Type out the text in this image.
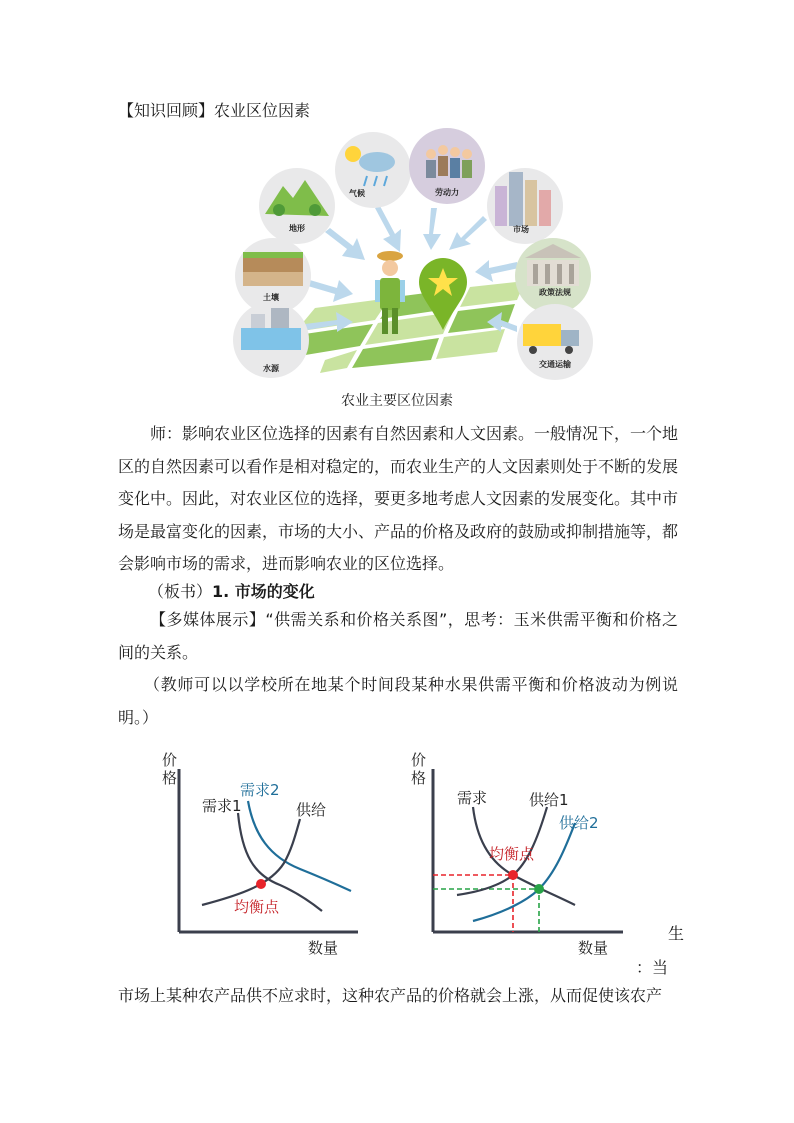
【知识回顾】农业区位因素
地形
气候	劳动力
市场
土壤
政策法规
水源	交通运输
农业主要区位因素
师：影响农业区位选择的因素有自然因素和人文因素。一般情况下，一个地区的自然因素可以看作是相对稳定的，而农业生产的人文因素则处于不断的发展变化中。因此，对农业区位的选择，要更多地考虑人文因素的发展变化。其中市场是最富变化的因素，市场的大小、产品的价格及政府的鼓励或抑制措施等，都会影响市场的需求，进而影响农业的区位选择。
（板书）1. 市场的变化
【多媒体展示】“供需关系和价格关系图”，思考：玉米供需平衡和价格之间的关系。
（教师可以以学校所在地某个时间段某种水果供需平衡和价格波动为例说明。）
价
格
数量
需求1
需求2
供给
均衡点
价
格
数量
需求	供给1
供给2
均衡点
生
：当
市场上某种农产品供不应求时，这种农产品的价格就会上涨，从而促使该农产
